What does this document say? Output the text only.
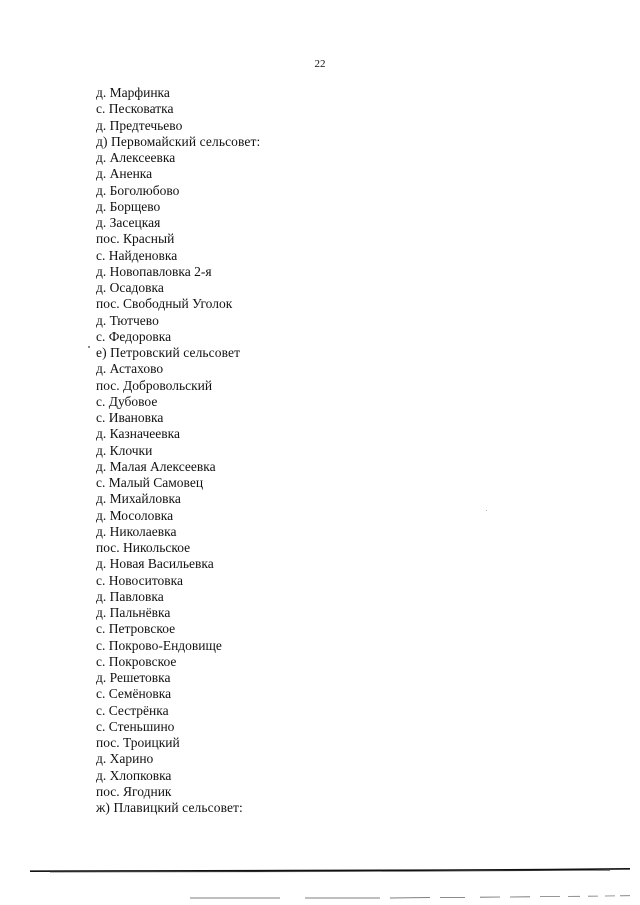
22
д. Марфинка
с. Песковатка
д. Предтечьево
д) Первомайский сельсовет:
д. Алексеевка
д. Аненка
д. Боголюбово
д. Борщево
д. Засецкая
пос. Красный
с. Найденовка
д. Новопавловка 2-я
д. Осадовка
пос. Свободный Уголок
д. Тютчево
с. Федоровка
е) Петровский сельсовет
д. Астахово
пос. Добровольский
с. Дубовое
с. Ивановка
д. Казначеевка
д. Клочки
д. Малая Алексеевка
с. Малый Самовец
д. Михайловка
д. Мосоловка
д. Николаевка
пос. Никольское
д. Новая Васильевка
с. Новоситовка
д. Павловка
д. Пальнёвка
с. Петровское
с. Покрово-Ендовище
с. Покровское
д. Решетовка
с. Семёновка
с. Сестрёнка
с. Стеньшино
пос. Троицкий
д. Харино
д. Хлопковка
пос. Ягодник
ж) Плавицкий сельсовет:
